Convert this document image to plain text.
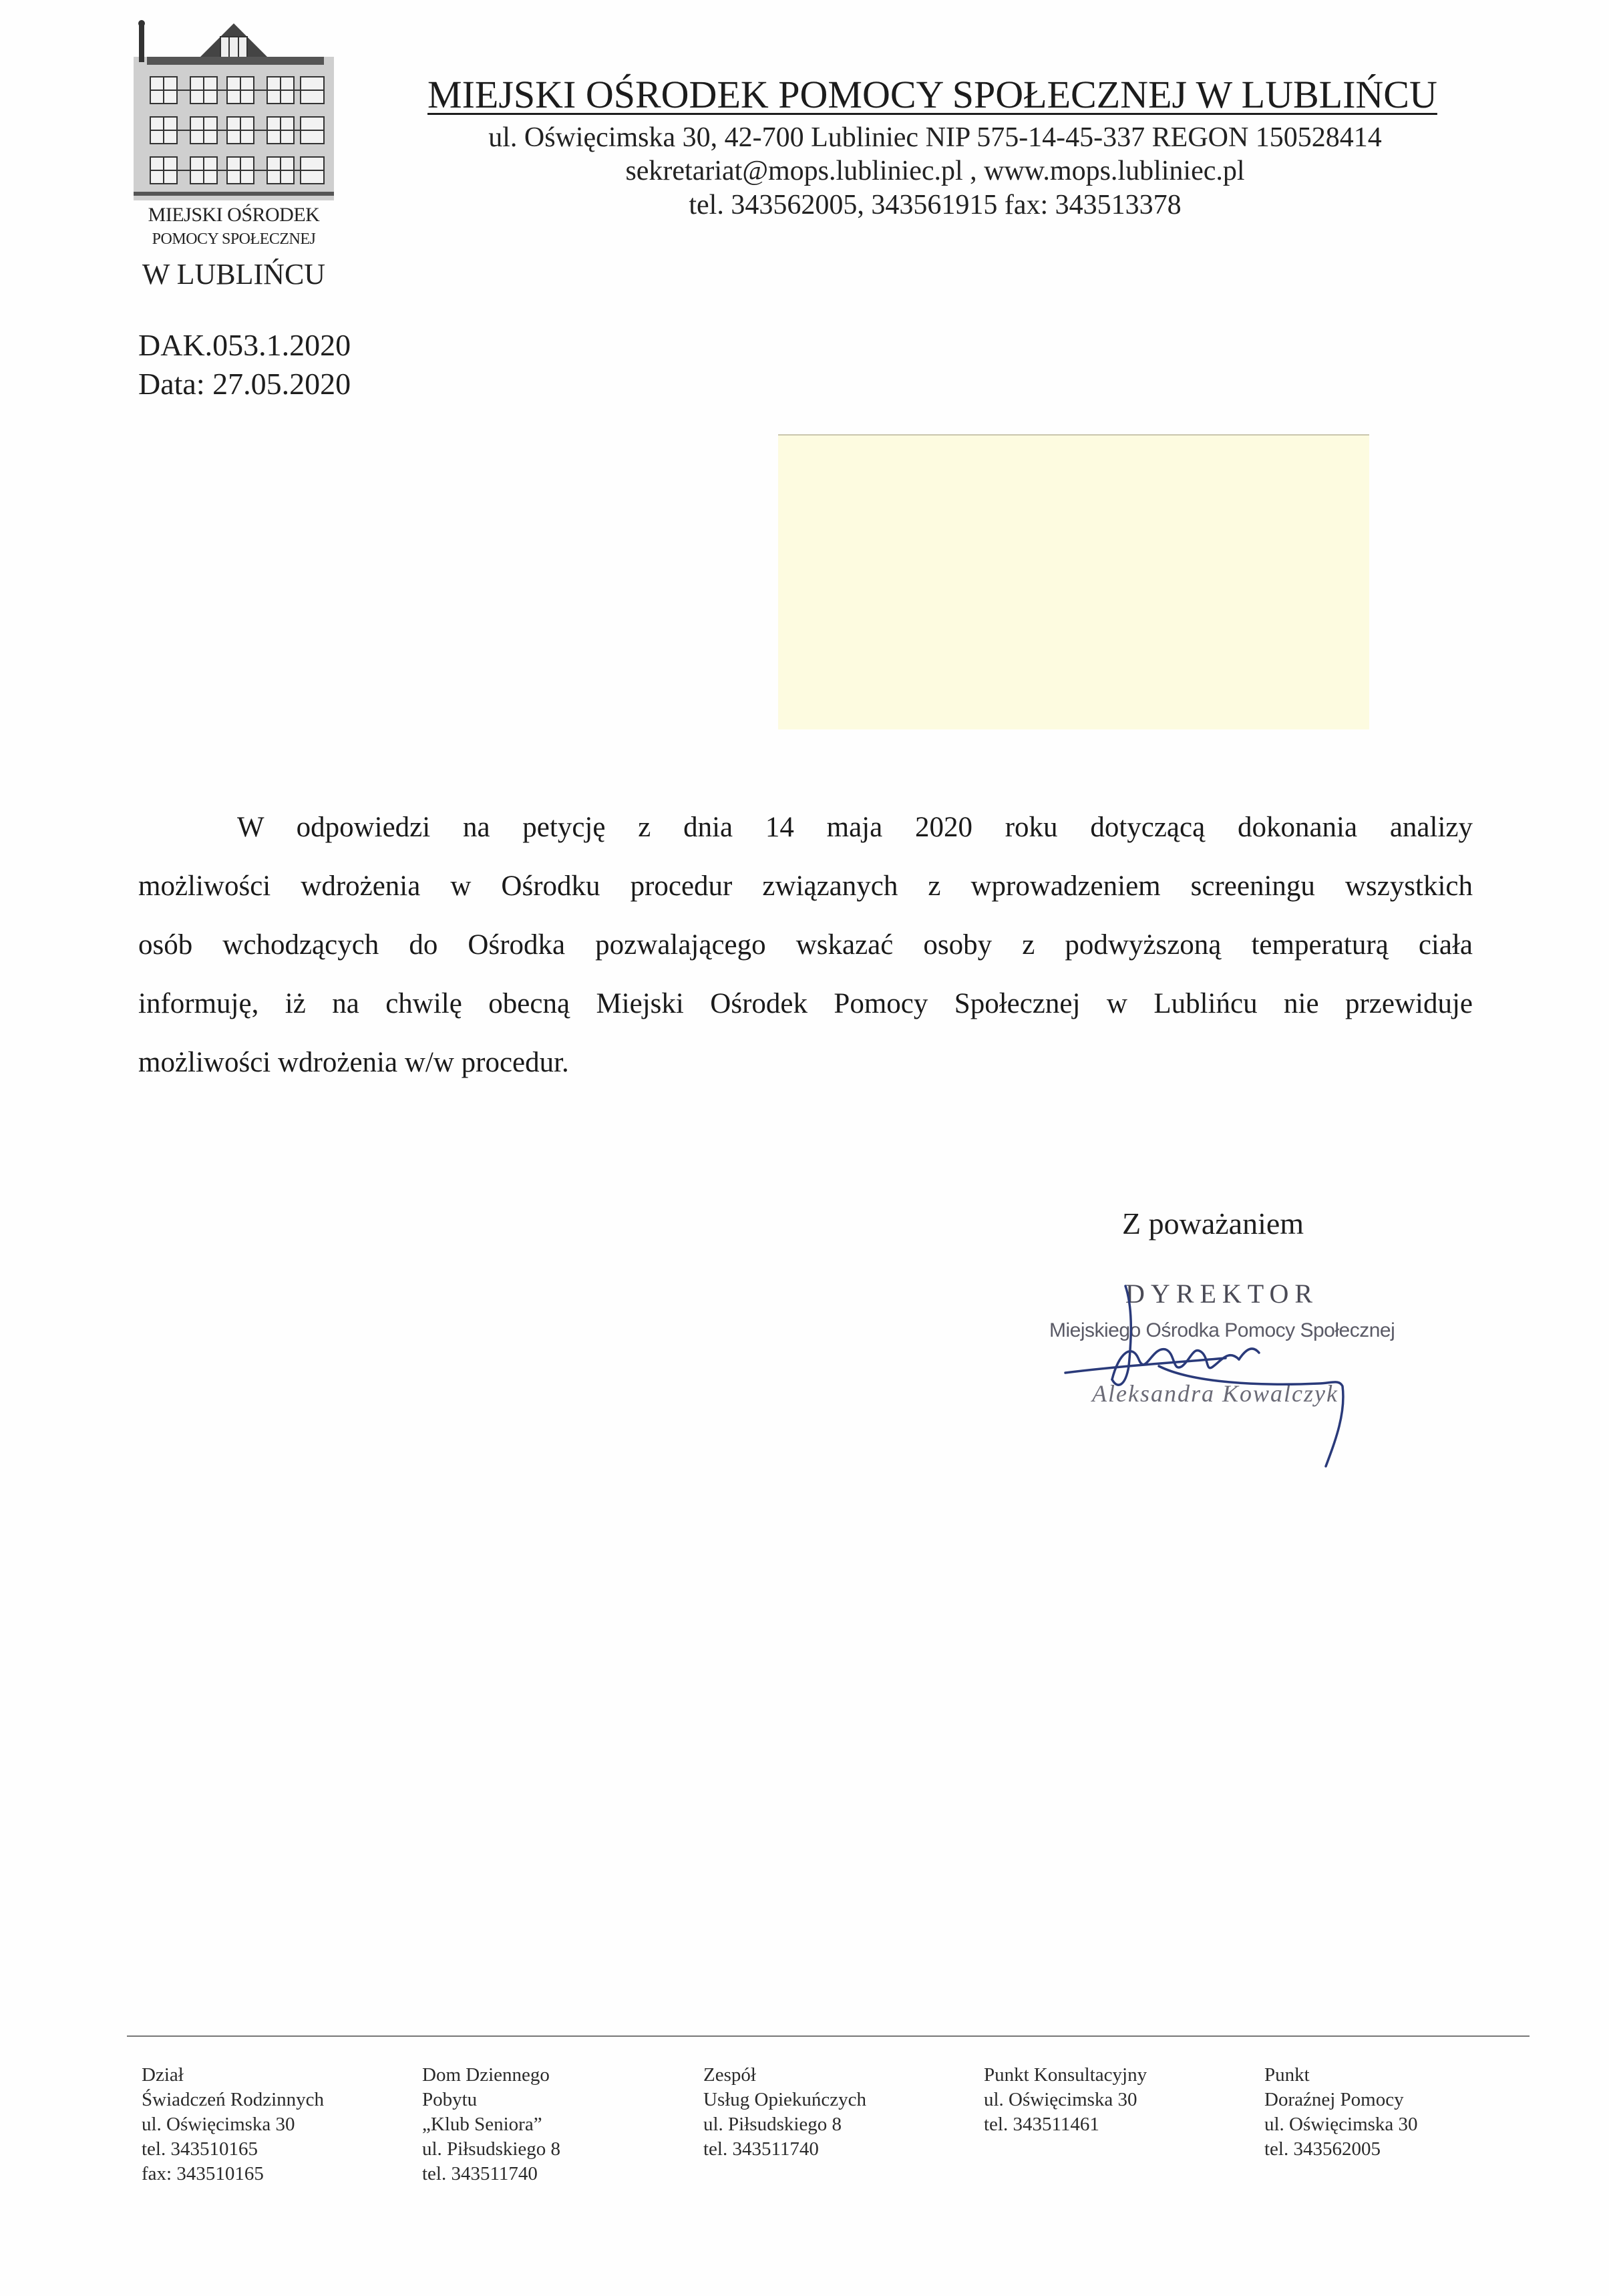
MIEJSKI OŚRODEK
POMOCY SPOŁECZNEJ
W LUBLIŃCU
MIEJSKI OŚRODEK POMOCY SPOŁECZNEJ W LUBLIŃCU
ul. Oświęcimska 30, 42-700 Lubliniec NIP 575-14-45-337 REGON 150528414
sekretariat@mops.lubliniec.pl , www.mops.lubliniec.pl
tel. 343562005, 343561915 fax: 343513378
DAK.053.1.2020
Data: 27.05.2020
W odpowiedzi na petycję z dnia 14 maja 2020 roku dotyczącą dokonania analizy
możliwości wdrożenia w Ośrodku procedur związanych z wprowadzeniem screeningu wszystkich
osób wchodzących do Ośrodka pozwalającego wskazać osoby z podwyższoną temperaturą ciała
informuję, iż na chwilę obecną Miejski Ośrodek Pomocy Społecznej w Lublińcu nie przewiduje
możliwości wdrożenia w/w procedur.
Z poważaniem
DYREKTOR
Miejskiego Ośrodka Pomocy Społecznej
Aleksandra Kowalczyk
Dział
Świadczeń Rodzinnych
ul. Oświęcimska 30
tel. 343510165
fax: 343510165
Dom Dziennego
Pobytu
„Klub Seniora”
ul. Piłsudskiego 8
tel. 343511740
Zespół
Usług Opiekuńczych
ul. Piłsudskiego 8
tel. 343511740
Punkt Konsultacyjny
ul. Oświęcimska 30
tel. 343511461
Punkt
Doraźnej Pomocy
ul. Oświęcimska 30
tel. 343562005
